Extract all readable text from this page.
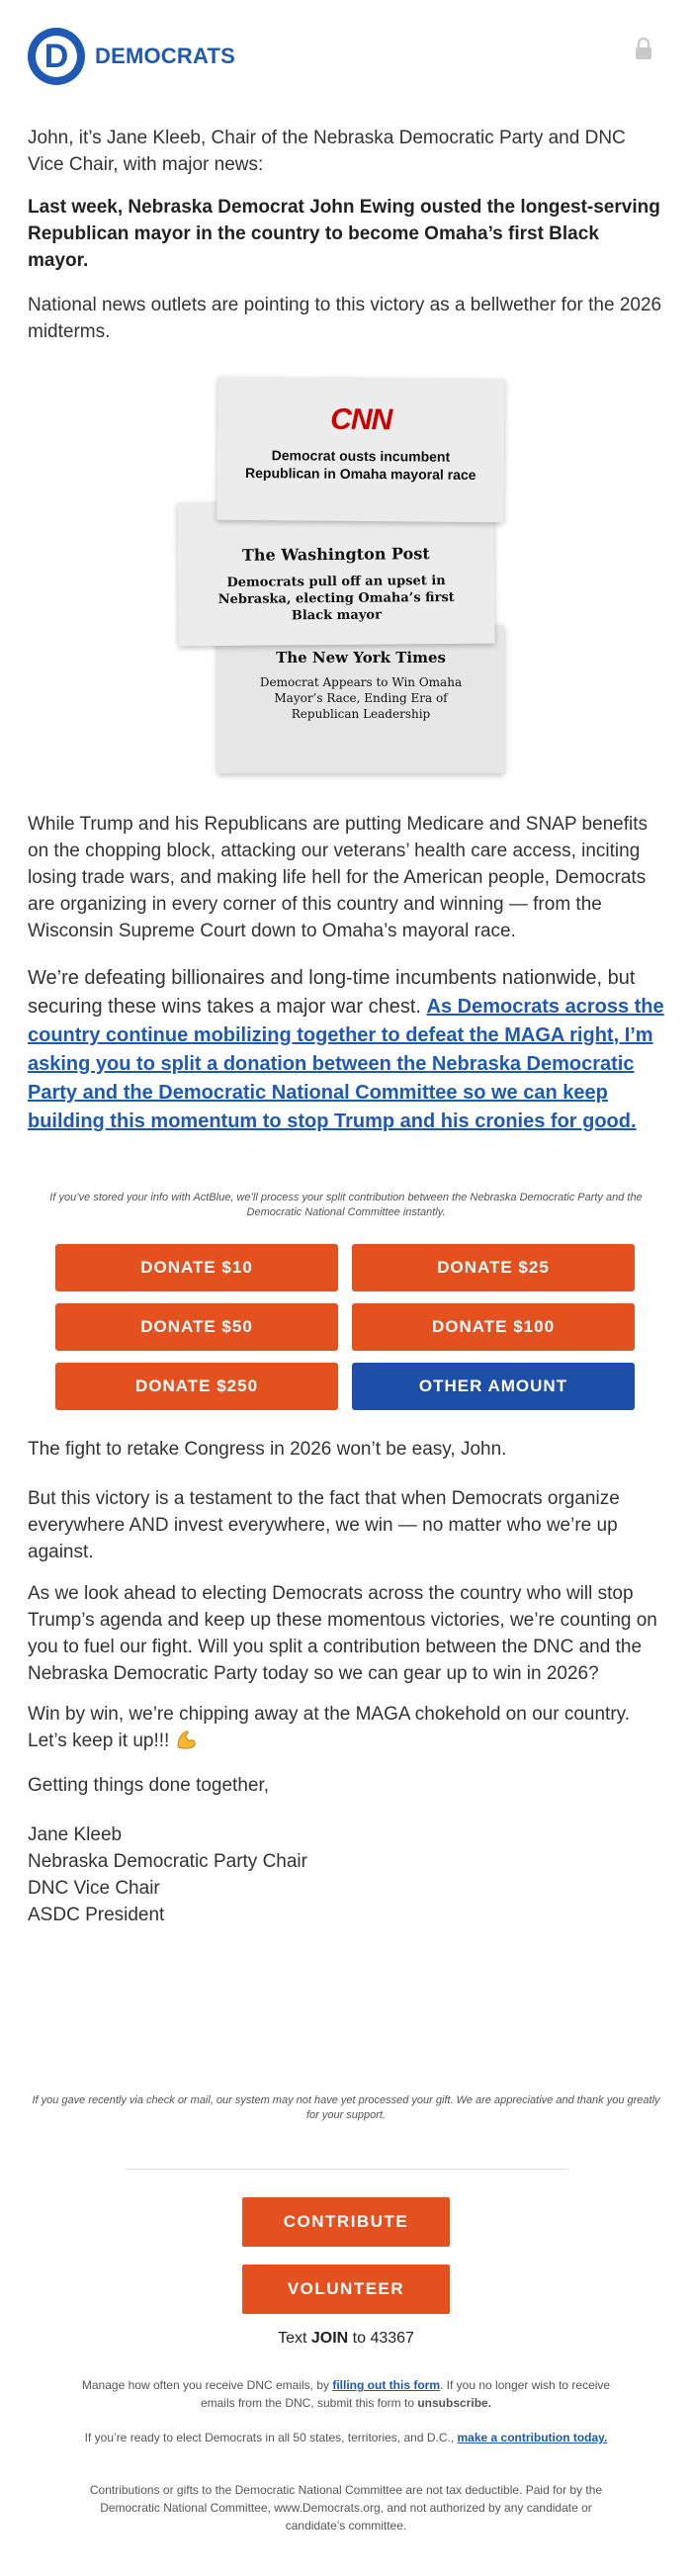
D	DEMOCRATS

John, it’s Jane Kleeb, Chair of the Nebraska Democratic Party and DNC Vice Chair, with major news:

Last week, Nebraska Democrat John Ewing ousted the longest-serving Republican mayor in the country to become Omaha’s first Black mayor.

National news outlets are pointing to this victory as a bellwether for the 2026 midterms.

The New York Times
Democrat Appears to Win Omaha Mayor’s Race, Ending Era of Republican Leadership
The Washington Post
Democrats pull off an upset in Nebraska, electing Omaha’s first Black mayor
CNN
Democrat ousts incumbent Republican in Omaha mayoral race

While Trump and his Republicans are putting Medicare and SNAP benefits on the chopping block, attacking our veterans’ health care access, inciting losing trade wars, and making life hell for the American people, Democrats are organizing in every corner of this country and winning — from the Wisconsin Supreme Court down to Omaha’s mayoral race.

We’re defeating billionaires and long-time incumbents nationwide, but securing these wins takes a major war chest. As Democrats across the country continue mobilizing together to defeat the MAGA right, I’m asking you to split a donation between the Nebraska Democratic Party and the Democratic National Committee so we can keep building this momentum to stop Trump and his cronies for good.

If you’ve stored your info with ActBlue, we’ll process your split contribution between the Nebraska Democratic Party and the Democratic National Committee instantly.

DONATE $10	DONATE $25
DONATE $50	DONATE $100
DONATE $250	OTHER AMOUNT

The fight to retake Congress in 2026 won’t be easy, John.

But this victory is a testament to the fact that when Democrats organize everywhere AND invest everywhere, we win — no matter who we’re up against.

As we look ahead to electing Democrats across the country who will stop Trump’s agenda and keep up these momentous victories, we’re counting on you to fuel our fight. Will you split a contribution between the DNC and the Nebraska Democratic Party today so we can gear up to win in 2026?

Win by win, we’re chipping away at the MAGA chokehold on our country. Let’s keep it up!!!

Getting things done together,

Jane Kleeb

Nebraska Democratic Party Chair

DNC Vice Chair

ASDC President

If you gave recently via check or mail, our system may not have yet processed your gift. We are appreciative and thank you greatly for your support.

CONTRIBUTE
VOLUNTEER
Text JOIN to 43367

Manage how often you receive DNC emails, by filling out this form. If you no longer wish to receive emails from the DNC, submit this form to unsubscribe.

If you’re ready to elect Democrats in all 50 states, territories, and D.C., make a contribution today.

Contributions or gifts to the Democratic National Committee are not tax deductible. Paid for by the Democratic National Committee, www.Democrats.org, and not authorized by any candidate or candidate’s committee.
